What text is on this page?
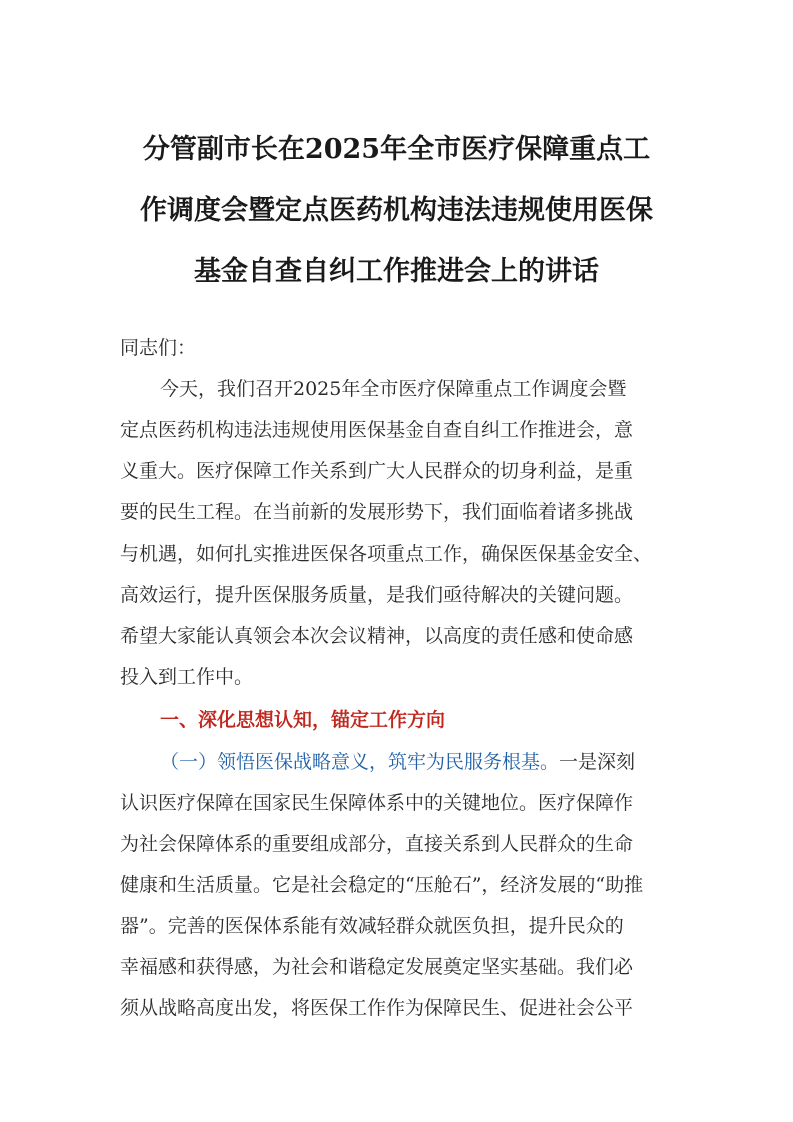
分管副市长在2025年全市医疗保障重点工
作调度会暨定点医药机构违法违规使用医保
基金自查自纠工作推进会上的讲话
同志们：
今天，我们召开2025年全市医疗保障重点工作调度会暨
定点医药机构违法违规使用医保基金自查自纠工作推进会，意
义重大。医疗保障工作关系到广大人民群众的切身利益，是重
要的民生工程。在当前新的发展形势下，我们面临着诸多挑战
与机遇，如何扎实推进医保各项重点工作，确保医保基金安全、
高效运行，提升医保服务质量，是我们亟待解决的关键问题。
希望大家能认真领会本次会议精神，以高度的责任感和使命感
投入到工作中。
一、深化思想认知，锚定工作方向
（一）领悟医保战略意义，筑牢为民服务根基。一是深刻
认识医疗保障在国家民生保障体系中的关键地位。医疗保障作
为社会保障体系的重要组成部分，直接关系到人民群众的生命
健康和生活质量。它是社会稳定的“压舱石”，经济发展的“助推
器”。完善的医保体系能有效减轻群众就医负担，提升民众的
幸福感和获得感，为社会和谐稳定发展奠定坚实基础。我们必
须从战略高度出发，将医保工作作为保障民生、促进社会公平
